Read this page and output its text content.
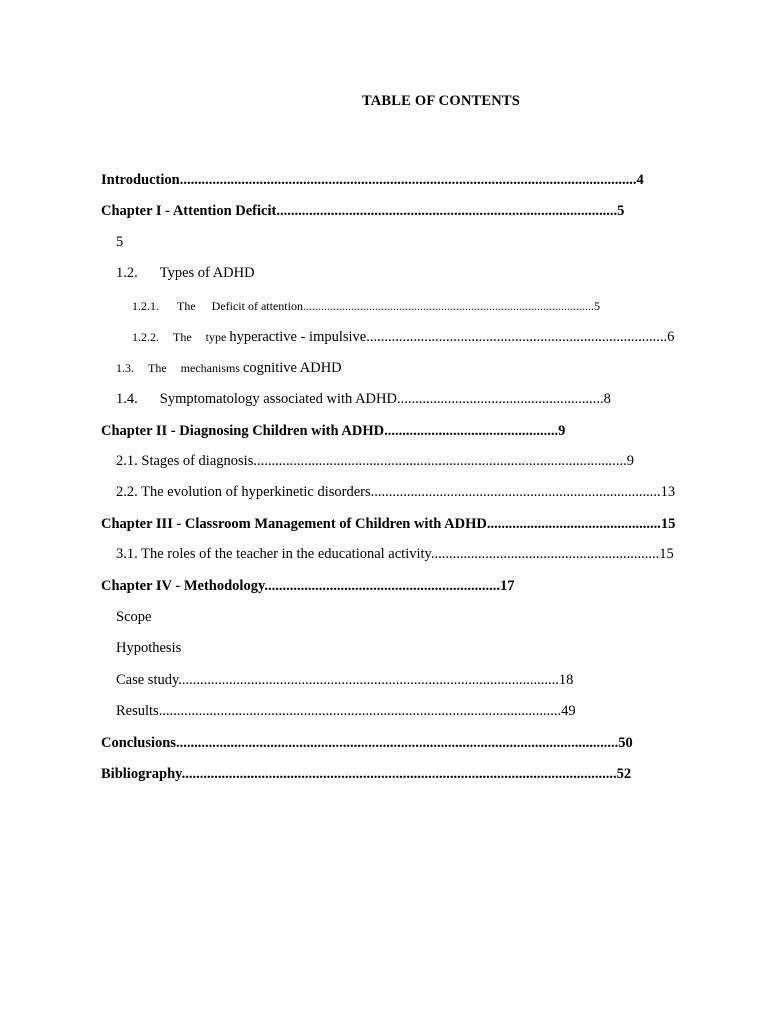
TABLE OF CONTENTS
Introduction..............................................................................................................................4
Chapter I - Attention Deficit..............................................................................................5
5
1.2. Types of ADHD
1.2.1. The Deficit of attention.................................................................................................5
1.2.2. The type hyperactive - impulsive...................................................................................6
1.3. The mechanisms cognitive ADHD
1.4. Symptomatology associated with ADHD.........................................................8
Chapter II - Diagnosing Children with ADHD................................................9
2.1. Stages of diagnosis.......................................................................................................9
2.2. The evolution of hyperkinetic disorders................................................................................13
Chapter III - Classroom Management of Children with ADHD................................................15
3.1. The roles of the teacher in the educational activity...............................................................15
Chapter IV - Methodology.................................................................17
Scope
Hypothesis
Case study.........................................................................................................18
Results...............................................................................................................49
Conclusions..........................................................................................................................50
Bibliography........................................................................................................................52
